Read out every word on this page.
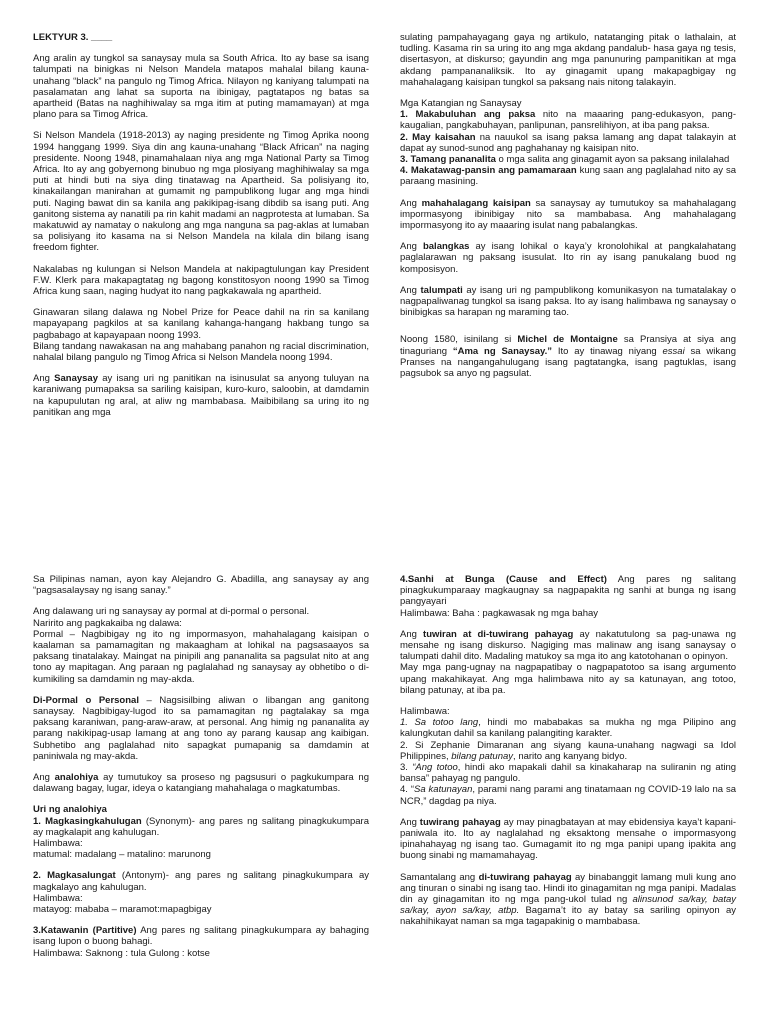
LEKTYUR 3. ____

Ang aralin ay tungkol sa sanaysay mula sa South Africa. Ito ay base sa isang talumpati na binigkas ni Nelson Mandela matapos mahalal bilang kauna-unahang “black” na pangulo ng Timog Africa. Nilayon ng kaniyang talumpati na pasalamatan ang lahat sa suporta na ibinigay, pagtatapos ng batas sa apartheid (Batas na naghihiwalay sa mga itim at puting mamamayan) at mga plano para sa Timog Africa.

Si Nelson Mandela (1918-2013) ay naging presidente ng Timog Aprika noong 1994 hanggang 1999. Siya din ang kauna-unahang “Black African” na naging presidente. Noong 1948, pinamahalaan niya ang mga National Party sa Timog Africa. Ito ay ang gobyernong binubuo ng mga plosiyang maghihiwalay sa mga puti at hindi buti na siya ding tinatawag na Apartheid. Sa polisiyang ito, kinakailangan manirahan at gumamit ng pampublikong lugar ang mga hindi puti. Naging bawat din sa kanila ang pakikipag-isang dibdib sa isang puti. Ang ganitong sistema ay nanatili pa rin kahit madami an nagprotesta at lumaban. Sa makatuwid ay namatay o nakulong ang mga nanguna sa pag-aklas at lumaban sa polisiyang ito kasama na si Nelson Mandela na kilala din bilang isang freedom fighter.

Nakalabas ng kulungan si Nelson Mandela at nakipagtulungan kay President F.W. Klerk para makapagtatag ng bagong konstitosyon noong 1990 sa Timog Africa kung saan, naging hudyat ito nang pagkakawala ng apartheid.

Ginawaran silang dalawa ng Nobel Prize for Peace dahil na rin sa kanilang mapayapang pagkilos at sa kanilang kahanga-hangang hakbang tungo sa pagbabago at kapayapaan noong 1993.

Bilang tandang nawakasan na ang mahabang panahon ng racial discrimination, nahalal bilang pangulo ng Timog Africa si Nelson Mandela noong 1994.

Ang Sanaysay ay isang uri ng panitikan na isinusulat sa anyong tuluyan na karaniwang pumapaksa sa sariling kaisipan, kuro-kuro, saloobin, at damdamin na kapupulutan ng aral, at aliw ng mambabasa. Maibibilang sa uring ito ng panitikan ang mga

sulating pampahayagang gaya ng artikulo, natatanging pitak o lathalain, at tudling. Kasama rin sa uring ito ang mga akdang pandalub- hasa gaya ng tesis, disertasyon, at diskurso; gayundin ang mga panunuring pampanitikan at mga akdang pampananaliksik. Ito ay ginagamit upang makapagbigay ng mahahalagang kaisipan tungkol sa paksang nais nitong talakayin.

Mga Katangian ng Sanaysay

1. Makabuluhan ang paksa nito na maaaring pang-edukasyon, pang-kaugalian, pangkabuhayan, panlipunan, pansrelihiyon, at iba pang paksa.

2. May kaisahan na nauukol sa isang paksa lamang ang dapat talakayin at dapat ay sunod-sunod ang paghahanay ng kaisipan nito.

3. Tamang pananalita o mga salita ang ginagamit ayon sa paksang inilalahad

4. Makatawag-pansin ang pamamaraan kung saan ang paglalahad nito ay sa paraang masining.

Ang mahahalagang kaisipan sa sanaysay ay tumutukoy sa mahahalagang impormasyong ibinibigay nito sa mambabasa. Ang mahahalagang impormasyong ito ay maaaring isulat nang pabalangkas.

Ang balangkas ay isang lohikal o kaya’y kronolohikal at pangkalahatang paglalarawan ng paksang isusulat. Ito rin ay isang panukalang buod ng komposisyon.

Ang talumpati ay isang uri ng pampublikong komunikasyon na tumatalakay o nagpapaliwanag tungkol sa isang paksa. Ito ay isang halimbawa ng sanaysay o binibigkas sa harapan ng maraming tao.

Noong 1580, isinilang si Michel de Montaigne sa Pransiya at siya ang tinaguriang “Ama ng Sanaysay.” Ito ay tinawag niyang essai sa wikang Pranses na nangangahulugang isang pagtatangka, isang pagtuklas, isang pagsubok sa anyo ng pagsulat.

Sa Pilipinas naman, ayon kay Alejandro G. Abadilla, ang sanaysay ay ang “pagsasalaysay ng isang sanay.”

Ang dalawang uri ng sanaysay ay pormal at di-pormal o personal.

Naririto ang pagkakaiba ng dalawa:

Pormal – Nagbibigay ng ito ng impormasyon, mahahalagang kaisipan o kaalaman sa pamamagitan ng makaagham at lohikal na pagsasaayos sa paksang tinatalakay. Maingat na pinipili ang pananalita sa pagsulat nito at ang tono ay mapitagan. Ang paraan ng paglalahad ng sanaysay ay obhetibo o di-kumikiling sa damdamin ng may-akda.

Di-Pormal o Personal – Nagsisilbing aliwan o libangan ang ganitong sanaysay. Nagbibigay-lugod ito sa pamamagitan ng pagtalakay sa mga paksang karaniwan, pang-araw-araw, at personal. Ang himig ng pananalita ay parang nakikipag-usap lamang at ang tono ay parang kausap ang kaibigan. Subhetibo ang paglalahad nito sapagkat pumapanig sa damdamin at paniniwala ng may-akda.

Ang analohiya ay tumutukoy sa proseso ng pagsusuri o pagkukumpara ng dalawang bagay, lugar, ideya o katangiang mahahalaga o magkatumbas.

Uri ng analohiya

1. Magkasingkahulugan (Synonym)- ang pares ng salitang pinagkukumpara ay magkalapit ang kahulugan.

Halimbawa:

matumal: madalang – matalino: marunong

2. Magkasalungat (Antonym)- ang pares ng salitang pinagkukumpara ay magkalayo ang kahulugan.

Halimbawa:

matayog: mababa – maramot:mapagbigay

3.Katawanin (Partitive) Ang pares ng salitang pinagkukumpara ay bahaging isang lupon o buong bahagi.

Halimbawa: Saknong : tula Gulong : kotse

4.Sanhi at Bunga (Cause and Effect) Ang pares ng salitang pinagkukumparaay magkaugnay sa nagpapakita ng sanhi at bunga ng isang pangyayari

Halimbawa: Baha : pagkawasak ng mga bahay

Ang tuwiran at di-tuwirang pahayag ay nakatutulong sa pag-unawa ng mensahe ng isang diskurso. Nagiging mas malinaw ang isang sanaysay o talumpati dahil dito. Madaling matukoy sa mga ito ang katotohanan o opinyon.

May mga pang-ugnay na nagpapatibay o nagpapatotoo sa isang argumento upang makahikayat. Ang mga halimbawa nito ay sa katunayan, ang totoo, bilang patunay, at iba pa.

Halimbawa:

1. Sa totoo lang, hindi mo mababakas sa mukha ng mga Pilipino ang kalungkutan dahil sa kanilang palangiting karakter.

2. Si Zephanie Dimaranan ang siyang kauna-unahang nagwagi sa Idol Philippines, bilang patunay, narito ang kanyang bidyo.

3. “Ang totoo, hindi ako mapakali dahil sa kinakaharap na suliranin ng ating bansa” pahayag ng pangulo.

4. “Sa katunayan, parami nang parami ang tinatamaan ng COVID-19 lalo na sa NCR,” dagdag pa niya.

Ang tuwirang pahayag ay may pinagbatayan at may ebidensiya kaya’t kapani-paniwala ito. Ito ay naglalahad ng eksaktong mensahe o impormasyong ipinahahayag ng isang tao. Gumagamit ito ng mga panipi upang ipakita ang buong sinabi ng mamamahayag.

Samantalang ang di-tuwirang pahayag ay binabanggit lamang muli kung ano ang tinuran o sinabi ng isang tao. Hindi ito ginagamitan ng mga panipi. Madalas din ay ginagamitan ito ng mga pang-ukol tulad ng alinsunod sa/kay, batay sa/kay, ayon sa/kay, atbp. Bagama’t ito ay batay sa sariling opinyon ay nakahihikayat naman sa mga tagapakinig o mambabasa.
